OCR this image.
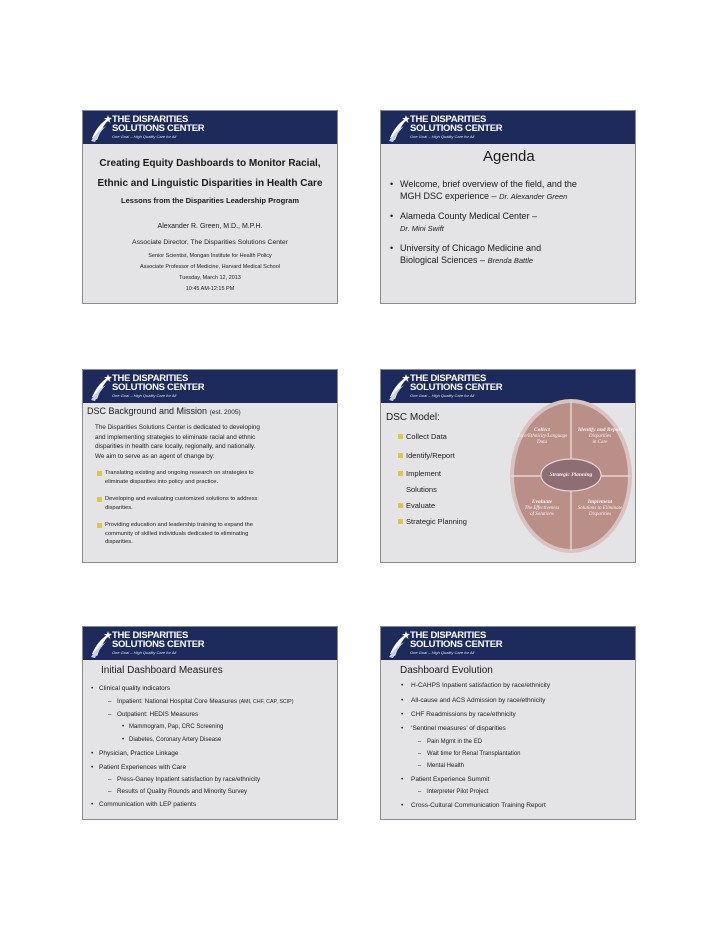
THE DISPARITIES
SOLUTIONS CENTER
One Goal – High Quality Care for All
Creating Equity Dashboards to Monitor Racial,
Ethnic and Linguistic Disparities in Health Care
Lessons from the Disparities Leadership Program
Alexander R. Green, M.D., M.P.H.
Associate Director, The Disparities Solutions Center
Senior Scientist, Mongan Institute for Health Policy
Associate Professor of Medicine, Harvard Medical School
Tuesday, March 12, 2013
10:45 AM-12:15 PM
THE DISPARITIES
SOLUTIONS CENTER
One Goal – High Quality Care for All
Agenda
• Welcome, brief overview of the field, and the
MGH DSC experience – Dr. Alexander Green
• Alameda County Medical Center –
Dr. Mini Swift
• University of Chicago Medicine and
Biological Sciences – Brenda Battle
THE DISPARITIES
SOLUTIONS CENTER
One Goal – High Quality Care for All
DSC Background and Mission (est. 2005)
The Disparities Solutions Center is dedicated to developing
and implementing strategies to eliminate racial and ethnic
disparities in health care locally, regionally, and nationally.
We aim to serve as an agent of change by:
Translating existing and ongoing research on strategies to
eliminate disparities into policy and practice.
Developing and evaluating customized solutions to address
disparities.
Providing education and leadership training to expand the
community of skilled individuals dedicated to eliminating
disparities.
THE DISPARITIES
SOLUTIONS CENTER
One Goal – High Quality Care for All
DSC Model:
Collect Data
Identify/Report
Implement
Solutions
Evaluate
Strategic Planning
Collect
Race/Ethnicity/Language
Data
Identify and Report
Disparities
in Care
Evaluate
The Effectiveness
of Solutions
Implement
Solutions to Eliminate
Disparities
Strategic Planning
THE DISPARITIES
SOLUTIONS CENTER
One Goal – High Quality Care for All
Initial Dashboard Measures
• Clinical quality indicators
– Inpatient: National Hospital Core Measures (AMI, CHF, CAP, SCIP)
– Outpatient: HEDIS Measures
• Mammogram, Pap, CRC Screening
• Diabetes, Coronary Artery Disease
• Physician, Practice Linkage
• Patient Experiences with Care
– Press-Ganey Inpatient satisfaction by race/ethnicity
– Results of Quality Rounds and Minority Survey
• Communication with LEP patients
THE DISPARITIES
SOLUTIONS CENTER
One Goal – High Quality Care for All
Dashboard Evolution
• H-CAHPS Inpatient satisfaction by race/ethnicity
• All-cause and ACS Admission by race/ethnicity
• CHF Readmissions by race/ethnicity
• ‘Sentinel measures’ of disparities
– Pain Mgmt in the ED
– Wait time for Renal Transplantation
– Mental Health
• Patient Experience Summit
– Interpreter Pilot Project
• Cross-Cultural Communication Training Report
